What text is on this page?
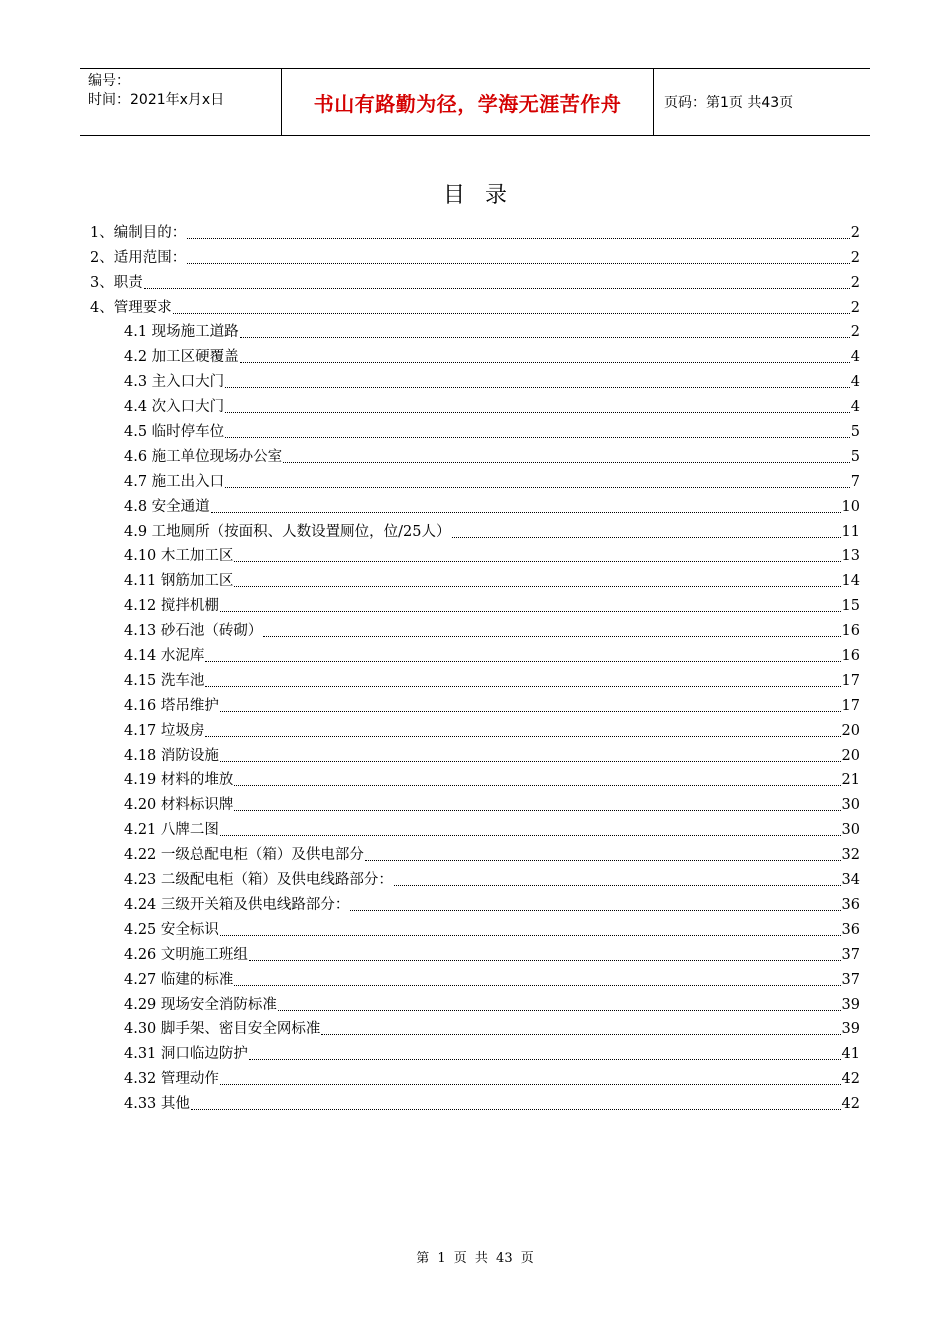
编号：
时间：2021年x月x日	书山有路勤为径，学海无涯苦作舟	页码：第1页 共43页
目录
1、编制目的：	2
2、适用范围：	2
3、职责	2
4、管理要求	2
4.1 现场施工道路	2
4.2 加工区硬覆盖	4
4.3 主入口大门	4
4.4 次入口大门	4
4.5 临时停车位	5
4.6 施工单位现场办公室	5
4.7 施工出入口	7
4.8 安全通道	10
4.9 工地厕所（按面积、人数设置厕位，位/25人）	11
4.10 木工加工区	13
4.11 钢筋加工区	14
4.12 搅拌机棚	15
4.13 砂石池（砖砌）	16
4.14 水泥库	16
4.15 洗车池	17
4.16 塔吊维护	17
4.17 垃圾房	20
4.18 消防设施	20
4.19 材料的堆放	21
4.20 材料标识牌	30
4.21 八牌二图	30
4.22 一级总配电柜（箱）及供电部分	32
4.23 二级配电柜（箱）及供电线路部分：	34
4.24 三级开关箱及供电线路部分：	36
4.25 安全标识	36
4.26 文明施工班组	37
4.27 临建的标准	37
4.29 现场安全消防标准	39
4.30 脚手架、密目安全网标准	39
4.31 洞口临边防护	41
4.32 管理动作	42
4.33 其他	42
第 1 页 共 43 页
